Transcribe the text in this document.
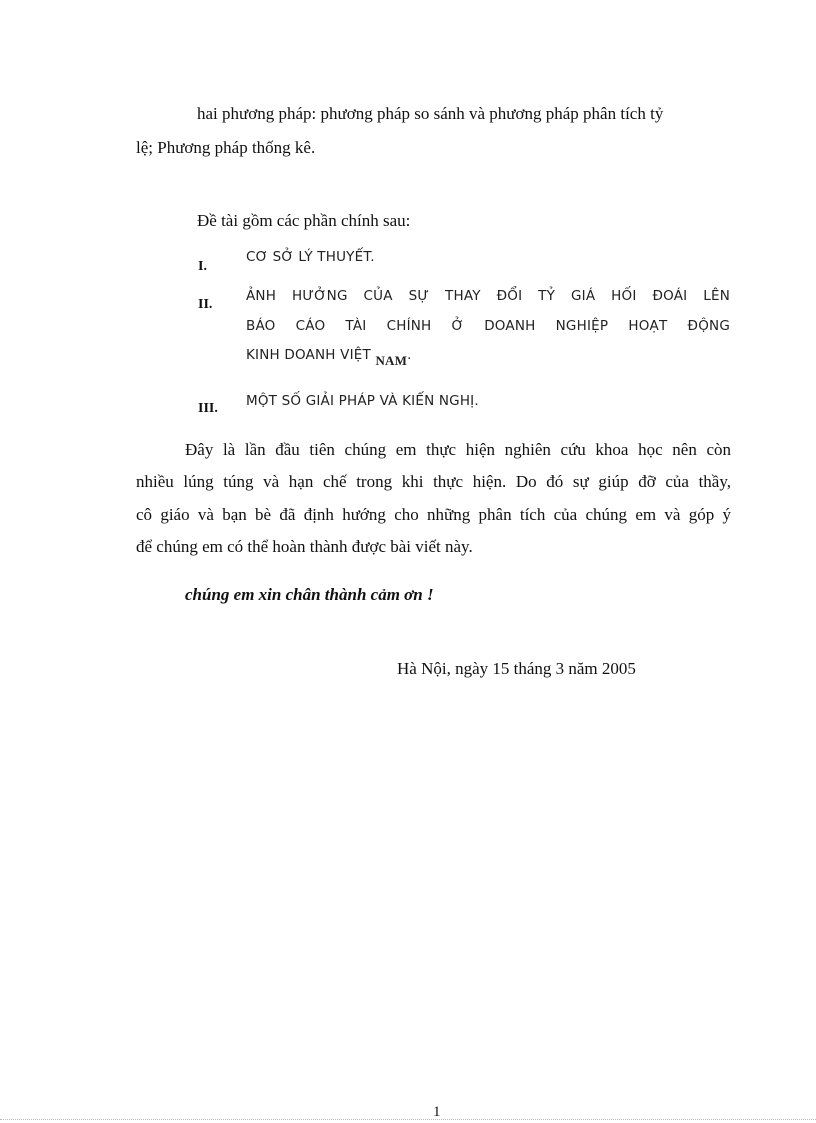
hai phương pháp: phương pháp so sánh và phương pháp phân tích tỷ
lệ; Phương pháp thống kê.
Đề tài gồm các phần chính sau:
I.
CƠ SỞ LÝ THUYẾT.
II.
ẢNH HƯỞNG CỦA SỰ THAY ĐỔI TỶ GIÁ HỐI ĐOÁI LÊN
BÁO CÁO TÀI CHÍNH Ở DOANH NGHIỆP HOẠT ĐỘNG
KINH DOANH VIỆT NAM.
III. MỘT SỐ GIẢI PHÁP VÀ KIẾN NGHỊ.
Đây là lần đầu tiên chúng em thực hiện nghiên cứu khoa học nên còn
nhiều lúng túng và hạn chế trong khi thực hiện. Do đó sự giúp đỡ của thầy,
cô giáo và bạn bè đã định hướng cho những phân tích của chúng em và góp ý
để chúng em có thể hoàn thành được bài viết này.
chúng em xin chân thành cảm ơn !
Hà Nội, ngày 15 tháng 3 năm 2005
1
